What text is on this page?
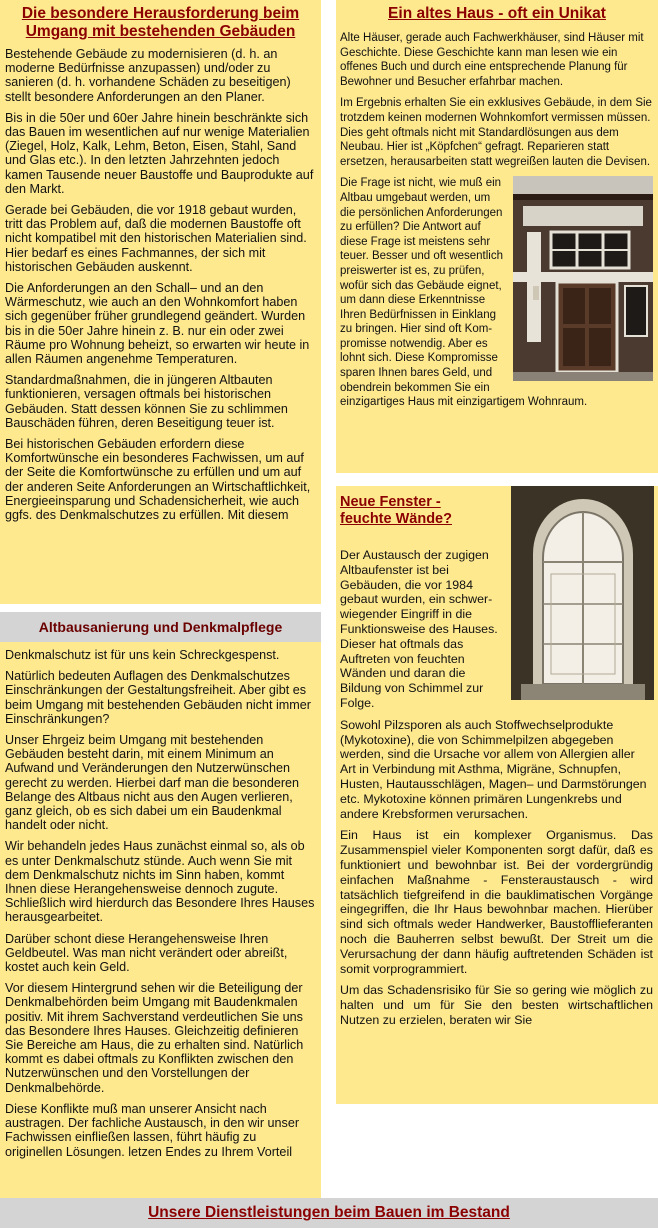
Die besondere Herausforderung beim Umgang mit bestehenden Gebäuden

Bestehende Gebäude zu modernisieren (d. h. an moderne Bedürfnisse anzupassen) und/oder zu sanieren (d. h. vorhandene Schäden zu beseitigen) stellt besondere Anforderungen an den Planer.

Bis in die 50er und 60er Jahre hinein beschränkte sich das Bauen im wesentlichen auf nur wenige Materialien (Ziegel, Holz, Kalk, Lehm, Beton, Eisen, Stahl, Sand und Glas etc.). In den letzten Jahrzehnten jedoch kamen Tausende neuer Baustoffe und Bauprodukte auf den Markt.

Gerade bei Gebäuden, die vor 1918 gebaut wurden, tritt das Problem auf, daß die modernen Baustoffe oft nicht kompatibel mit den historischen Materialien sind. Hier bedarf es eines Fachmannes, der sich mit historischen Gebäuden auskennt.

Die Anforderungen an den Schall– und an den Wärmeschutz, wie auch an den Wohnkomfort haben sich gegenüber früher grundlegend geändert. Wurden bis in die 50er Jahre hinein z. B. nur ein oder zwei Räume pro Wohnung beheizt, so erwarten wir heute in allen Räumen angenehme Temperaturen.

Standardmaßnahmen, die in jüngeren Altbauten funktionieren, versagen oftmals bei historischen Gebäuden. Statt dessen können Sie zu schlimmen Bauschäden führen, deren Beseitigung teuer ist.

Bei historischen Gebäuden erfordern diese Komfortwünsche ein besonderes Fachwissen, um auf der Seite die Komfortwünsche zu erfüllen und um auf der anderen Seite Anforderungen an Wirtschaftlichkeit, Energieeinsparung und Schadensicherheit, wie auch ggfs. des Denkmalschutzes zu erfüllen. Mit diesem

Altbausanierung und Denkmalpflege

Denkmalschutz ist für uns kein Schreckgespenst.

Natürlich bedeuten Auflagen des Denkmalschutzes Einschränkungen der Gestaltungsfreiheit. Aber gibt es beim Umgang mit bestehenden Gebäuden nicht immer Einschränkungen?

Unser Ehrgeiz beim Umgang mit bestehenden Gebäuden besteht darin, mit einem Minimum an Aufwand und Veränderungen den Nutzerwünschen gerecht zu werden. Hierbei darf man die besonderen Belange des Altbaus nicht aus den Augen verlieren, ganz gleich, ob es sich dabei um ein Baudenkmal handelt oder nicht.

Wir behandeln jedes Haus zunächst einmal so, als ob es unter Denkmalschutz stünde. Auch wenn Sie mit dem Denkmalschutz nichts im Sinn haben, kommt Ihnen diese Herangehensweise dennoch zugute. Schließlich wird hierdurch das Besondere Ihres Hauses herausgearbeitet.

Darüber schont diese Herangehensweise Ihren Geldbeutel. Was man nicht verändert oder abreißt, kostet auch kein Geld.

Vor diesem Hintergrund sehen wir die Beteiligung der Denkmalbehörden beim Umgang mit Baudenkmalen positiv. Mit ihrem Sachverstand verdeutlichen Sie uns das Besondere Ihres Hauses. Gleichzeitig definieren Sie Bereiche am Haus, die zu erhalten sind. Natürlich kommt es dabei oftmals zu Konflikten zwischen den Nutzerwünschen und den Vorstellungen der Denkmalbehörde.

Diese Konflikte muß man unserer Ansicht nach austragen. Der fachliche Austausch, in den wir unser Fachwissen einfließen lassen, führt häufig zu originellen Lösungen. letzen Endes zu Ihrem Vorteil

Ein altes Haus - oft ein Unikat

Alte Häuser, gerade auch Fachwerkhäuser, sind Häuser mit Geschichte. Diese Geschichte kann man lesen wie ein offenes Buch und durch eine entsprechende Planung für Bewohner und Besucher erfahrbar machen.

Im Ergebnis erhalten Sie ein exklusives Gebäude, in dem Sie trotzdem keinen modernen Wohnkomfort vermissen müssen. Dies geht oftmals nicht mit Standardlösungen aus dem Neubau. Hier ist „Köpfchen“ gefragt. Reparieren statt ersetzen, herausarbeiten statt wegreißen lauten die Devisen.

Die Frage ist nicht, wie muß ein Altbau umgebaut werden, um die persönlichen Anforderungen zu erfüllen? Die Antwort auf diese Frage ist meistens sehr teuer. Besser und oft wesentlich preiswerter ist es, zu prüfen, wofür sich das Gebäude eignet, um dann diese Erkenntnisse Ihren Bedürfnissen in Einklang zu bringen. Hier sind oft Kom-promisse notwendig. Aber es lohnt sich. Diese Kompromisse sparen Ihnen bares Geld, und obendrein bekommen Sie ein einzigartiges Haus mit einzigartigem Wohnraum.

Neue Fenster -
feuchte Wände?

Der Austausch der zugigen Altbaufenster ist bei Gebäuden, die vor 1984 gebaut wurden, ein schwer-wiegender Eingriff in die Funktionsweise des Hauses. Dieser hat oftmals das Auftreten von feuchten Wänden und daran die Bildung von Schimmel zur Folge.

Sowohl Pilzsporen als auch Stoffwechselprodukte (Mykotoxine), die von Schimmelpilzen abgegeben werden, sind die Ursache vor allem von Allergien aller Art in Verbindung mit Asthma, Migräne, Schnupfen, Husten, Hautausschlägen, Magen– und Darmstörungen etc. Mykotoxine können primären Lungenkrebs und andere Krebsformen verursachen.

Ein Haus ist ein komplexer Organismus. Das Zusammenspiel vieler Komponenten sorgt dafür, daß es funktioniert und bewohnbar ist. Bei der vordergründig einfachen Maßnahme - Fensteraustausch - wird tatsächlich tiefgreifend in die bauklimatischen Vorgänge eingegriffen, die Ihr Haus bewohnbar machen. Hierüber sind sich oftmals weder Handwerker, Baustofflieferanten noch die Bauherren selbst bewußt. Der Streit um die Verursachung der dann häufig auftretenden Schäden ist somit vorprogrammiert.

Um das Schadensrisiko für Sie so gering wie möglich zu halten und um für Sie den besten wirtschaftlichen Nutzen zu erzielen, beraten wir Sie

Unsere Dienstleistungen beim Bauen im Bestand
